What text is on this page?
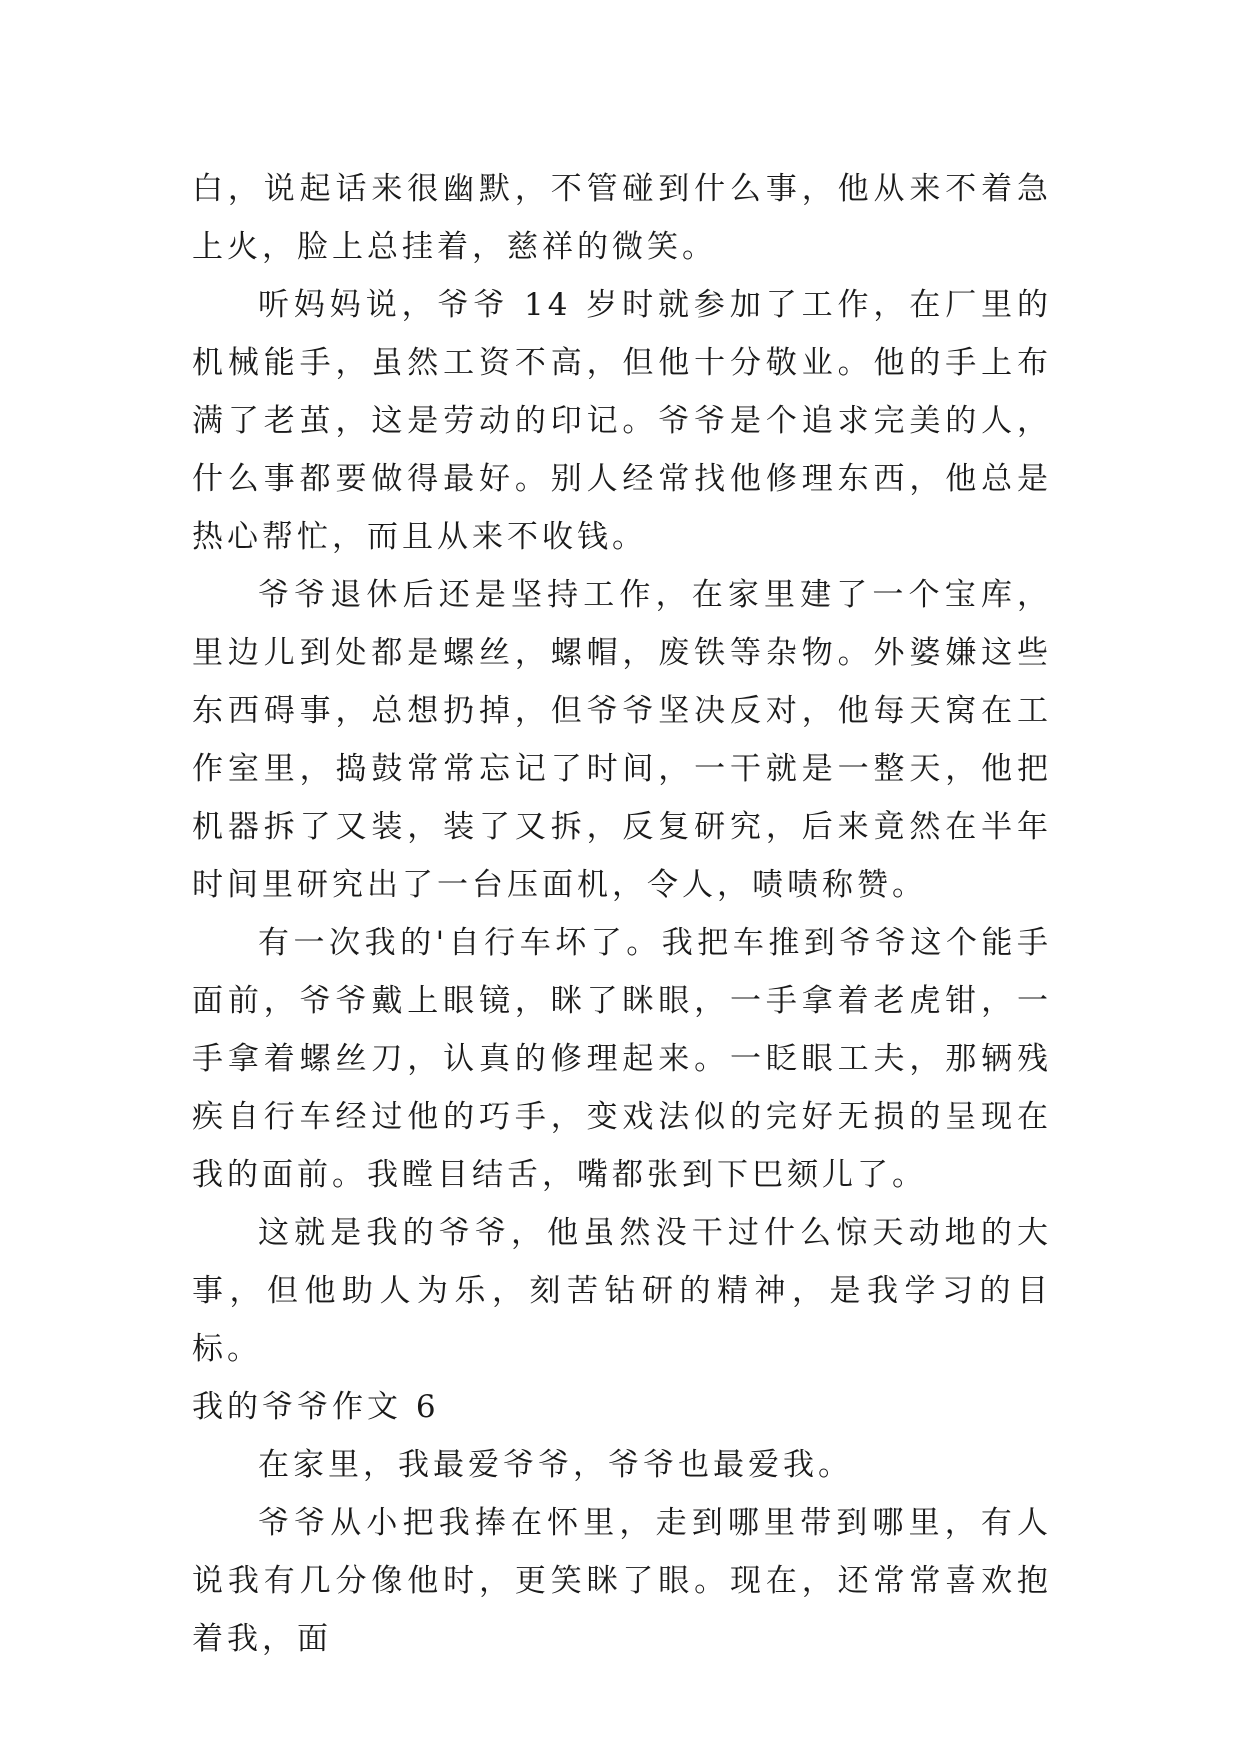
白，说起话来很幽默，不管碰到什么事，他从来不着急上火，脸上总挂着，慈祥的微笑。

听妈妈说，爷爷 14 岁时就参加了工作，在厂里的机械能手，虽然工资不高，但他十分敬业。他的手上布满了老茧，这是劳动的印记。爷爷是个追求完美的人，什么事都要做得最好。别人经常找他修理东西，他总是热心帮忙，而且从来不收钱。

爷爷退休后还是坚持工作，在家里建了一个宝库，里边儿到处都是螺丝，螺帽，废铁等杂物。外婆嫌这些东西碍事，总想扔掉，但爷爷坚决反对，他每天窝在工作室里，捣鼓常常忘记了时间，一干就是一整天，他把机器拆了又装，装了又拆，反复研究，后来竟然在半年时间里研究出了一台压面机，令人，啧啧称赞。

有一次我的'自行车坏了。我把车推到爷爷这个能手面前，爷爷戴上眼镜，眯了眯眼，一手拿着老虎钳，一手拿着螺丝刀，认真的修理起来。一眨眼工夫，那辆残疾自行车经过他的巧手，变戏法似的完好无损的呈现在我的面前。我瞠目结舌，嘴都张到下巴颏儿了。

这就是我的爷爷，他虽然没干过什么惊天动地的大事，但他助人为乐，刻苦钻研的精神，是我学习的目标。

我的爷爷作文 6

在家里，我最爱爷爷，爷爷也最爱我。

爷爷从小把我捧在怀里，走到哪里带到哪里，有人说我有几分像他时，更笑眯了眼。现在，还常常喜欢抱着我，面
